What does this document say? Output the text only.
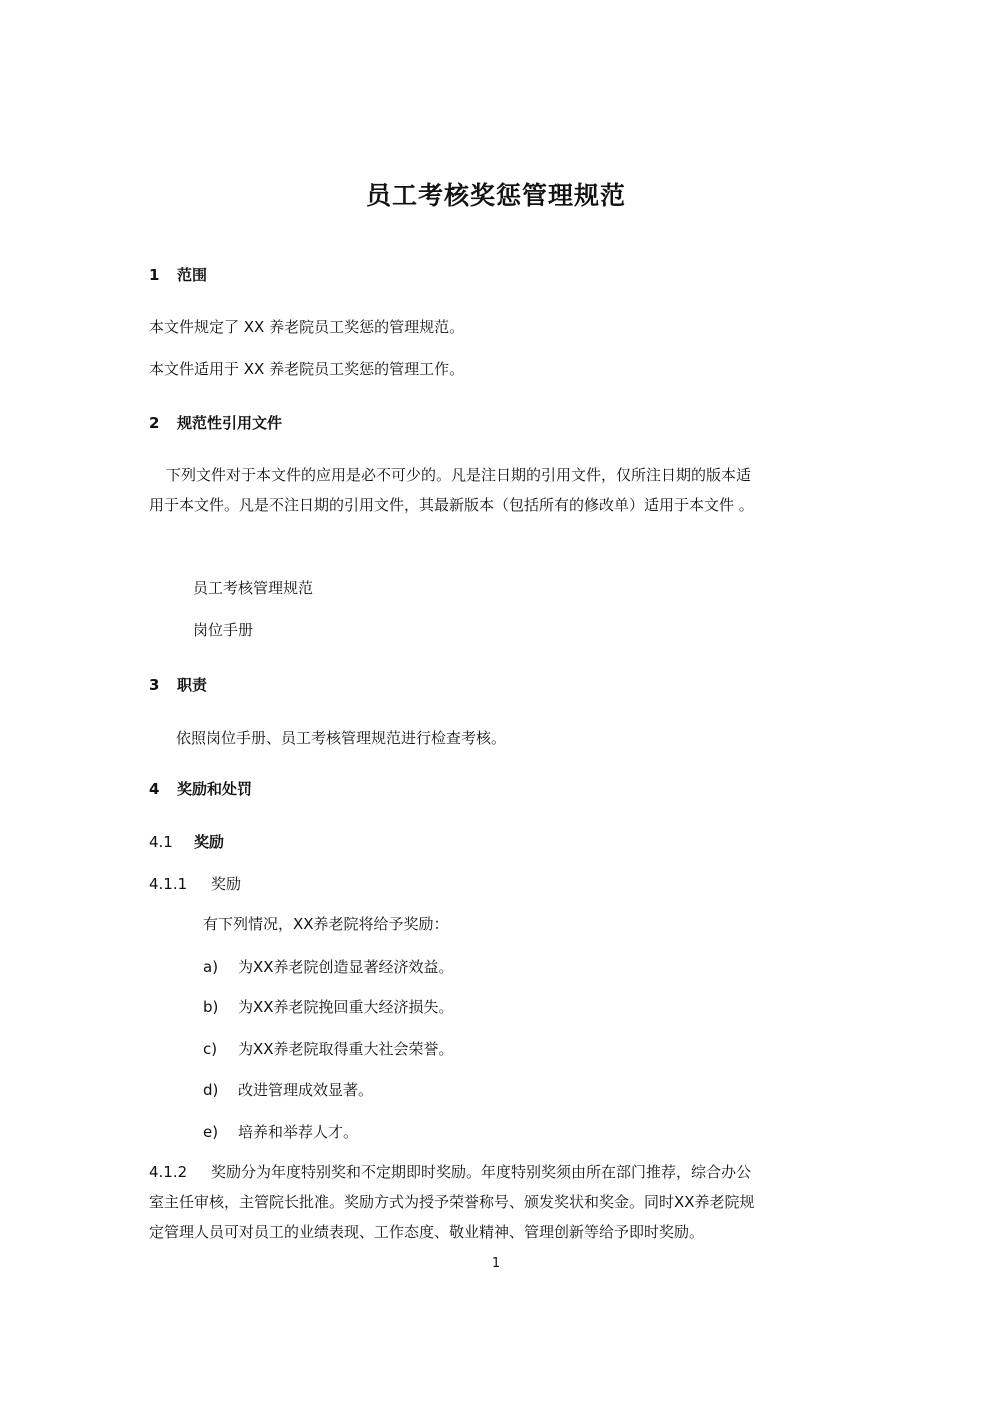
员工考核奖惩管理规范
1 范围
本文件规定了 XX 养老院员工奖惩的管理规范。
本文件适用于 XX 养老院员工奖惩的管理工作。
2 规范性引用文件
下列文件对于本文件的应用是必不可少的。凡是注日期的引用文件，仅所注日期的版本适
用于本文件。凡是不注日期的引用文件，其最新版本（包括所有的修改单）适用于本文件 。
员工考核管理规范
岗位手册
3 职责
依照岗位手册、员工考核管理规范进行检查考核。
4 奖励和处罚
4.1 奖励
4.1.1 奖励
有下列情况，XX养老院将给予奖励：
a) 为XX养老院创造显著经济效益。
b) 为XX养老院挽回重大经济损失。
c) 为XX养老院取得重大社会荣誉。
d) 改进管理成效显著。
e) 培养和举荐人才。
4.1.2 奖励分为年度特别奖和不定期即时奖励。年度特别奖须由所在部门推荐，综合办公
室主任审核，主管院长批准。奖励方式为授予荣誉称号、颁发奖状和奖金。同时XX养老院规
定管理人员可对员工的业绩表现、工作态度、敬业精神、管理创新等给予即时奖励。
1
